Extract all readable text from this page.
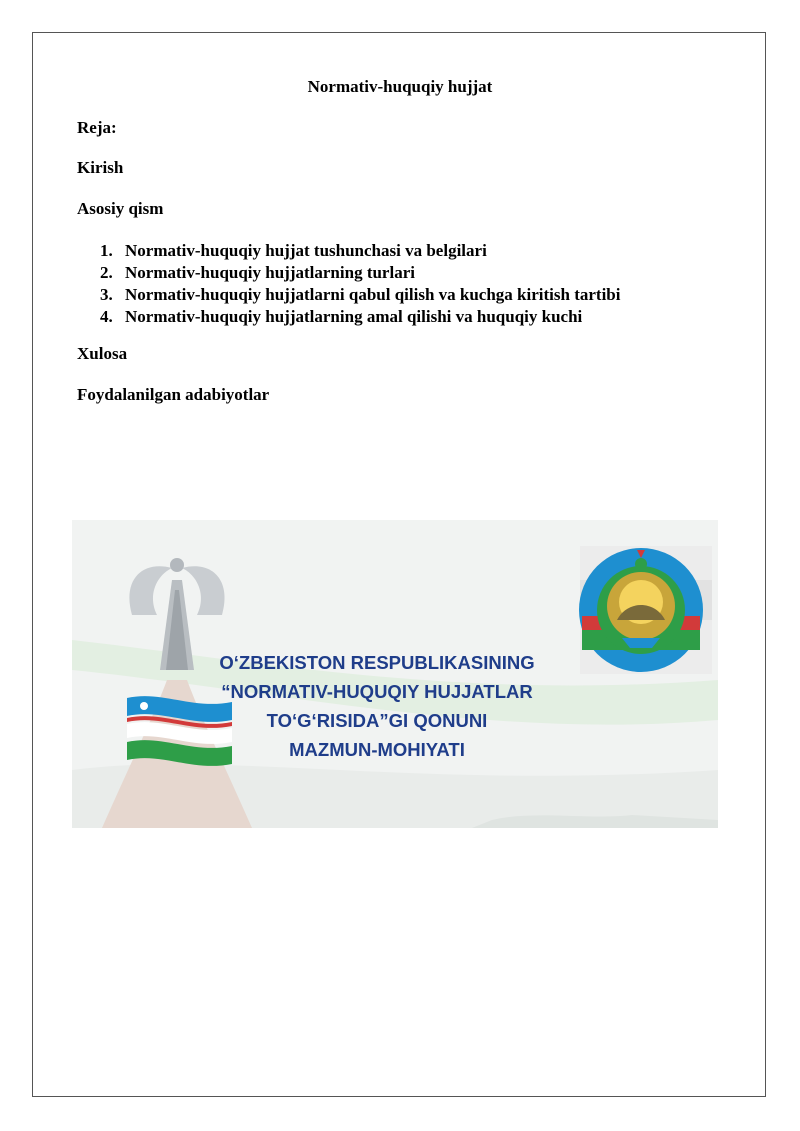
Normativ-huquqiy hujjat
Reja:
Kirish
Asosiy qism
1. Normativ-huquqiy hujjat tushunchasi va belgilari
2. Normativ-huquqiy hujjatlarning turlari
3. Normativ-huquqiy hujjatlarni qabul qilish va kuchga kiritish tartibi
4. Normativ-huquqiy hujjatlarning amal qilishi va huquqiy kuchi
Xulosa
Foydalanilgan adabiyotlar
O‘ZBEKISTON RESPUBLIKASINING
“NORMATIV-HUQUQIY HUJJATLAR
TO‘G‘RISIDA”GI QONUNI
MAZMUN-MOHIYATI
